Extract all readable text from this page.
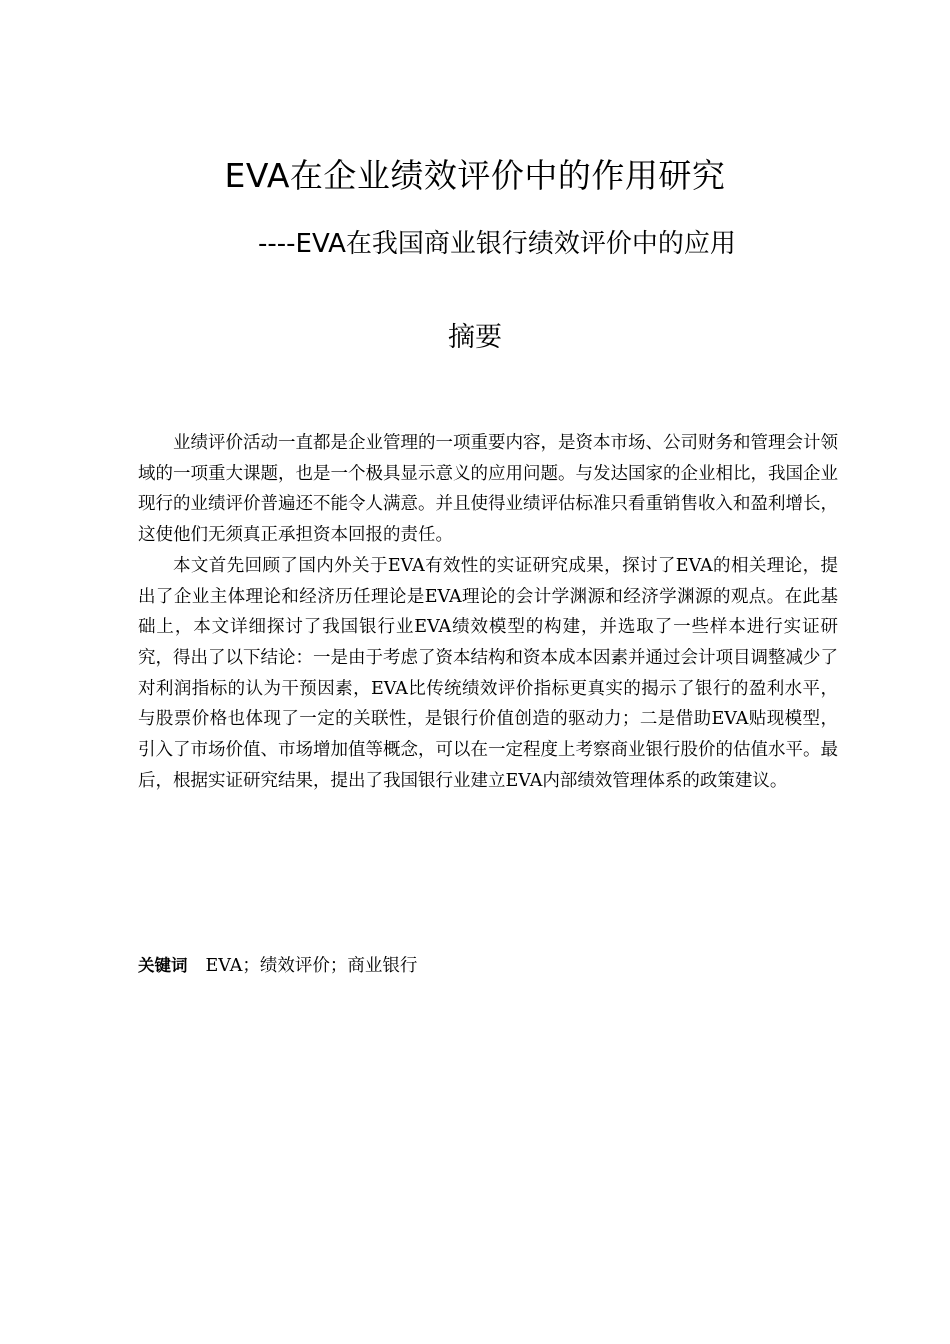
EVA在企业绩效评价中的作用研究
----EVA在我国商业银行绩效评价中的应用
摘要

业绩评价活动一直都是企业管理的一项重要内容，是资本市场、公司财务和管理会计领域的一项重大课题，也是一个极具显示意义的应用问题。与发达国家的企业相比，我国企业现行的业绩评价普遍还不能令人满意。并且使得业绩评估标准只看重销售收入和盈利增长，这使他们无须真正承担资本回报的责任。

本文首先回顾了国内外关于EVA有效性的实证研究成果，探讨了EVA的相关理论，提出了企业主体理论和经济历任理论是EVA理论的会计学渊源和经济学渊源的观点。在此基础上，本文详细探讨了我国银行业EVA绩效模型的构建，并选取了一些样本进行实证研究，得出了以下结论：一是由于考虑了资本结构和资本成本因素并通过会计项目调整减少了对利润指标的认为干预因素，EVA比传统绩效评价指标更真实的揭示了银行的盈利水平，与股票价格也体现了一定的关联性，是银行价值创造的驱动力；二是借助EVA贴现模型，引入了市场价值、市场增加值等概念，可以在一定程度上考察商业银行股价的估值水平。最后，根据实证研究结果，提出了我国银行业建立EVA内部绩效管理体系的政策建议。

关键词 EVA；绩效评价；商业银行
